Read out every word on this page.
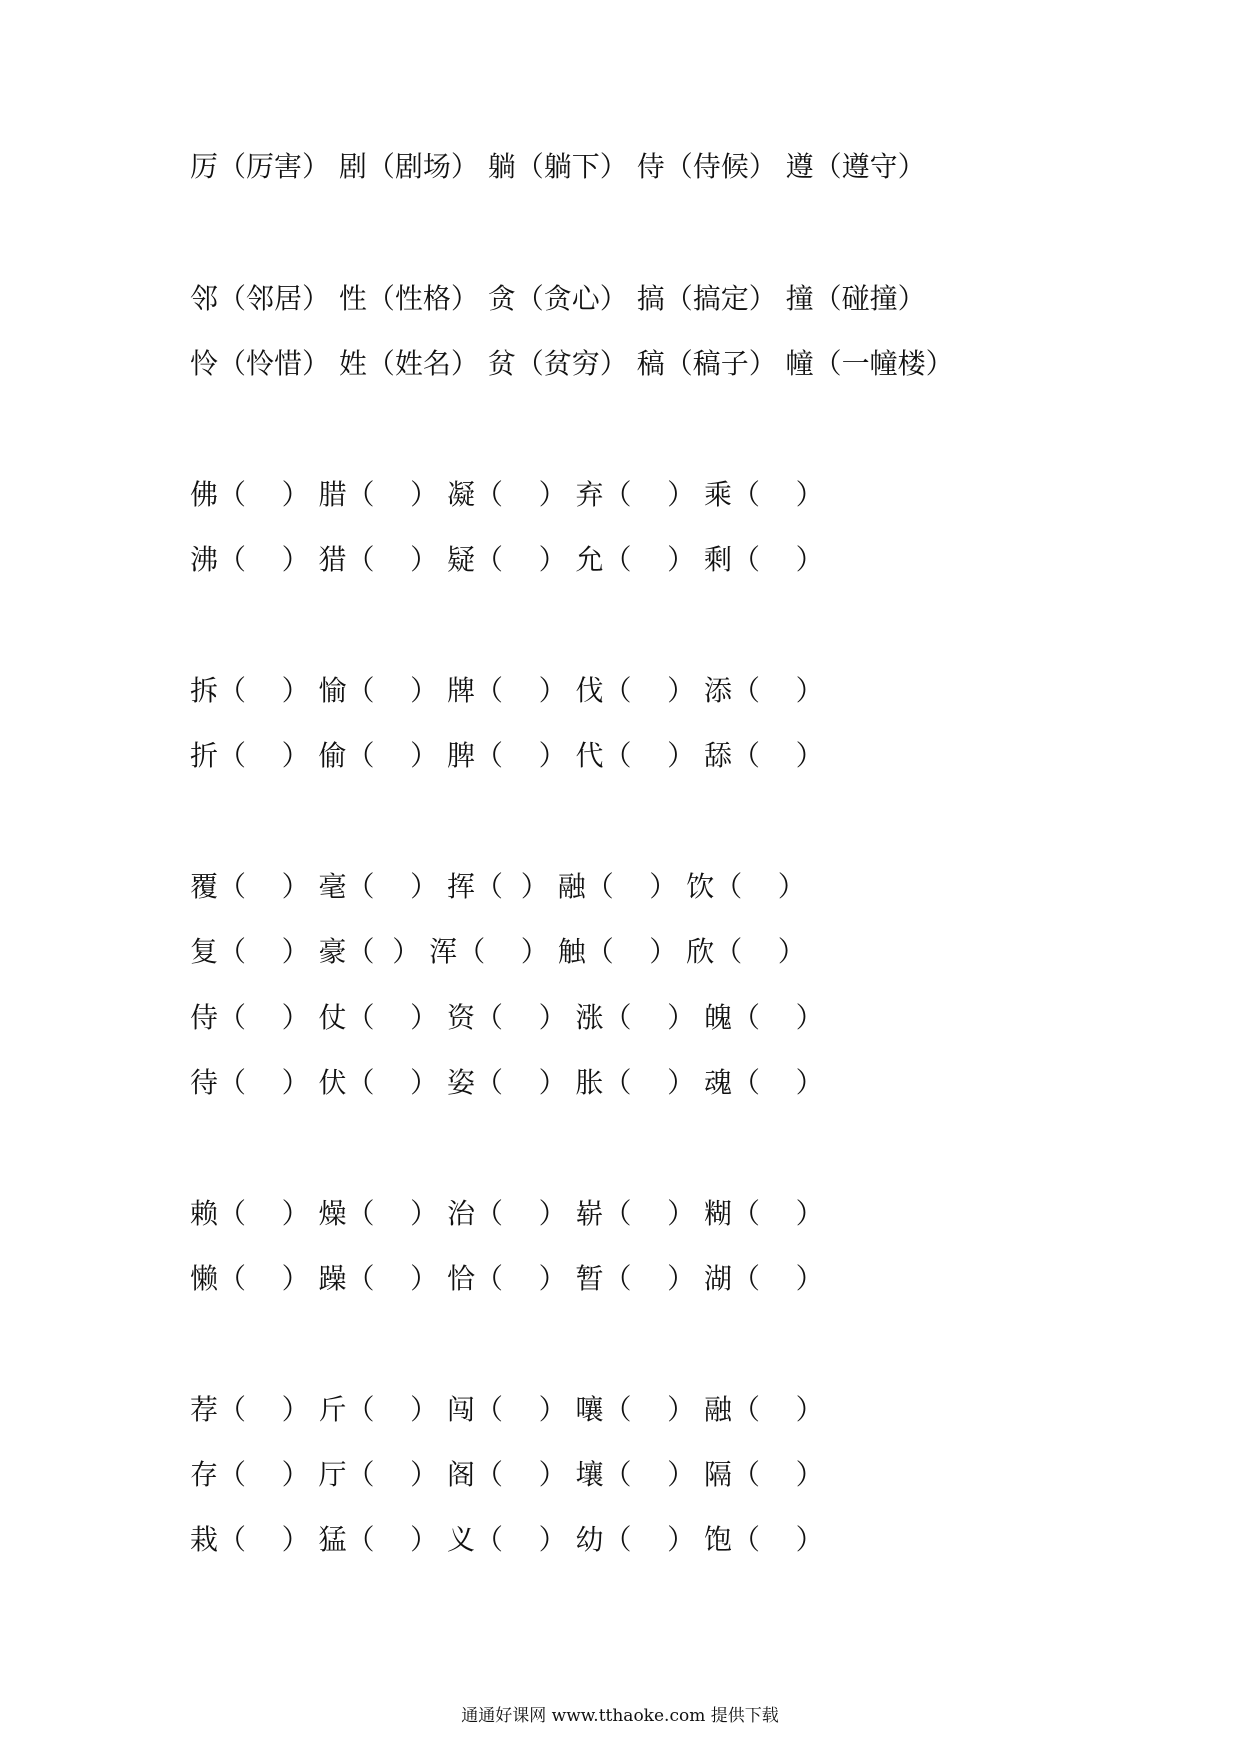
厉（厉害） 剧（剧场） 躺（躺下） 侍（侍候） 遵（遵守）
邻（邻居） 性（性格） 贪（贪心） 搞（搞定） 撞（碰撞）
怜（怜惜） 姓（姓名） 贫（贫穷） 稿（稿子） 幢（一幢楼）
佛（    ） 腊（    ） 凝（    ） 弃（    ） 乘（    ）
沸（    ） 猎（    ） 疑（    ） 允（    ） 剩（    ）
拆（    ） 愉（    ） 牌（    ） 伐（    ） 添（    ）
折（    ） 偷（    ） 脾（    ） 代（    ） 舔（    ）
覆（    ） 毫（    ） 挥（  ） 融（    ） 饮（    ）
复（    ） 豪（  ） 浑（    ） 触（    ） 欣（    ）
侍（    ） 仗（    ） 资（    ） 涨（    ） 魄（    ）
待（    ） 伏（    ） 姿（    ） 胀（    ） 魂（    ）
赖（    ） 燥（    ） 治（    ） 崭（    ） 糊（    ）
懒（    ） 躁（    ） 恰（    ） 暂（    ） 湖（    ）
荐（    ） 斤（    ） 闯（    ） 嚷（    ） 融（    ）
存（    ） 厅（    ） 阁（    ） 壤（    ） 隔（    ）
栽（    ） 猛（    ） 义（    ） 幼（    ） 饱（    ）
通通好课网 www.tthaoke.com 提供下载
